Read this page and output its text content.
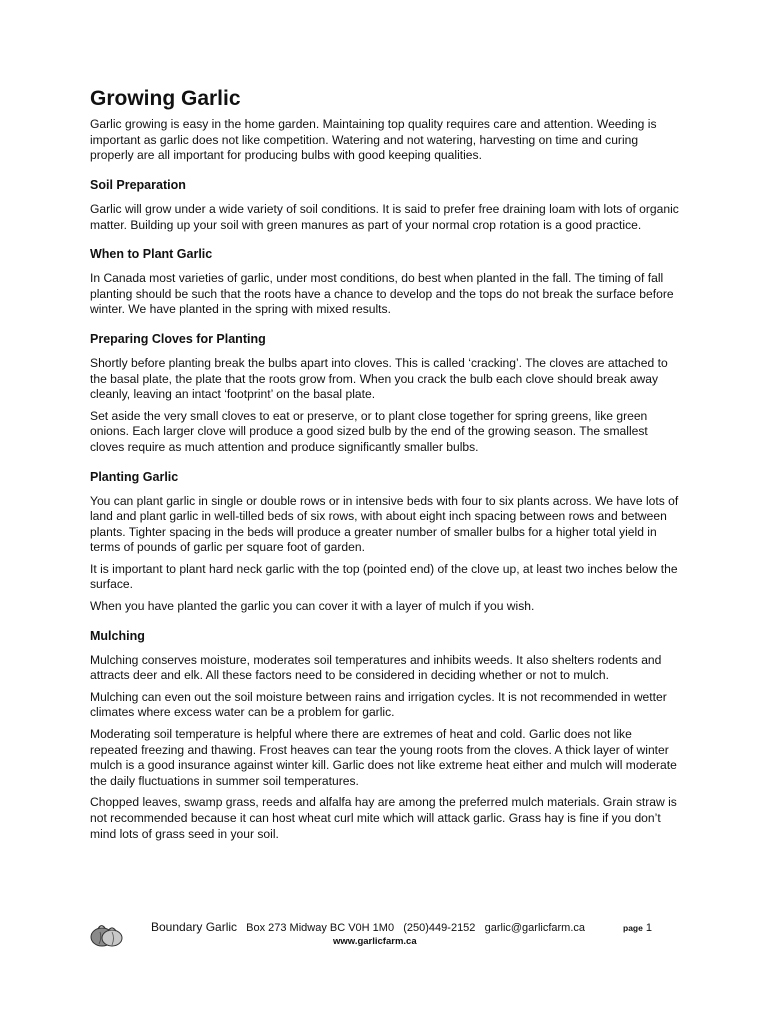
Growing Garlic

Garlic growing is easy in the home garden. Maintaining top quality requires care and attention. Weeding is important as garlic does not like competition. Watering and not watering, harvesting on time and curing properly are all important for producing bulbs with good keeping qualities.

Soil Preparation

Garlic will grow under a wide variety of soil conditions. It is said to prefer free draining loam with lots of organic matter. Building up your soil with green manures as part of your normal crop rotation is a good practice.

When to Plant Garlic

In Canada most varieties of garlic, under most conditions, do best when planted in the fall. The timing of fall planting should be such that the roots have a chance to develop and the tops do not break the surface before winter. We have planted in the spring with mixed results.

Preparing Cloves for Planting

Shortly before planting break the bulbs apart into cloves. This is called ‘cracking’. The cloves are attached to the basal plate, the plate that the roots grow from. When you crack the bulb each clove should break away cleanly, leaving an intact ‘footprint’ on the basal plate.

Set aside the very small cloves to eat or preserve, or to plant close together for spring greens, like green onions. Each larger clove will produce a good sized bulb by the end of the growing season. The smallest cloves require as much attention and produce significantly smaller bulbs.

Planting Garlic

You can plant garlic in single or double rows or in intensive beds with four to six plants across. We have lots of land and plant garlic in well-tilled beds of six rows, with about eight inch spacing between rows and between plants. Tighter spacing in the beds will produce a greater number of smaller bulbs for a higher total yield in terms of pounds of garlic per square foot of garden.

It is important to plant hard neck garlic with the top (pointed end) of the clove up, at least two inches below the surface.

When you have planted the garlic you can cover it with a layer of mulch if you wish.

Mulching

Mulching conserves moisture, moderates soil temperatures and inhibits weeds. It also shelters rodents and attracts deer and elk. All these factors need to be considered in deciding whether or not to mulch.

Mulching can even out the soil moisture between rains and irrigation cycles. It is not recommended in wetter climates where excess water can be a problem for garlic.

Moderating soil temperature is helpful where there are extremes of heat and cold. Garlic does not like repeated freezing and thawing. Frost heaves can tear the young roots from the cloves. A thick layer of winter mulch is a good insurance against winter kill. Garlic does not like extreme heat either and mulch will moderate the daily fluctuations in summer soil temperatures.

Chopped leaves, swamp grass, reeds and alfalfa hay are among the preferred mulch materials. Grain straw is not recommended because it can host wheat curl mite which will attack garlic. Grass hay is fine if you don’t mind lots of grass seed in your soil.

Boundary Garlic Box 273 Midway BC V0H 1M0 (250)449-2152 garlic@garlicfarm.ca
www.garlicfarm.ca
page 1
